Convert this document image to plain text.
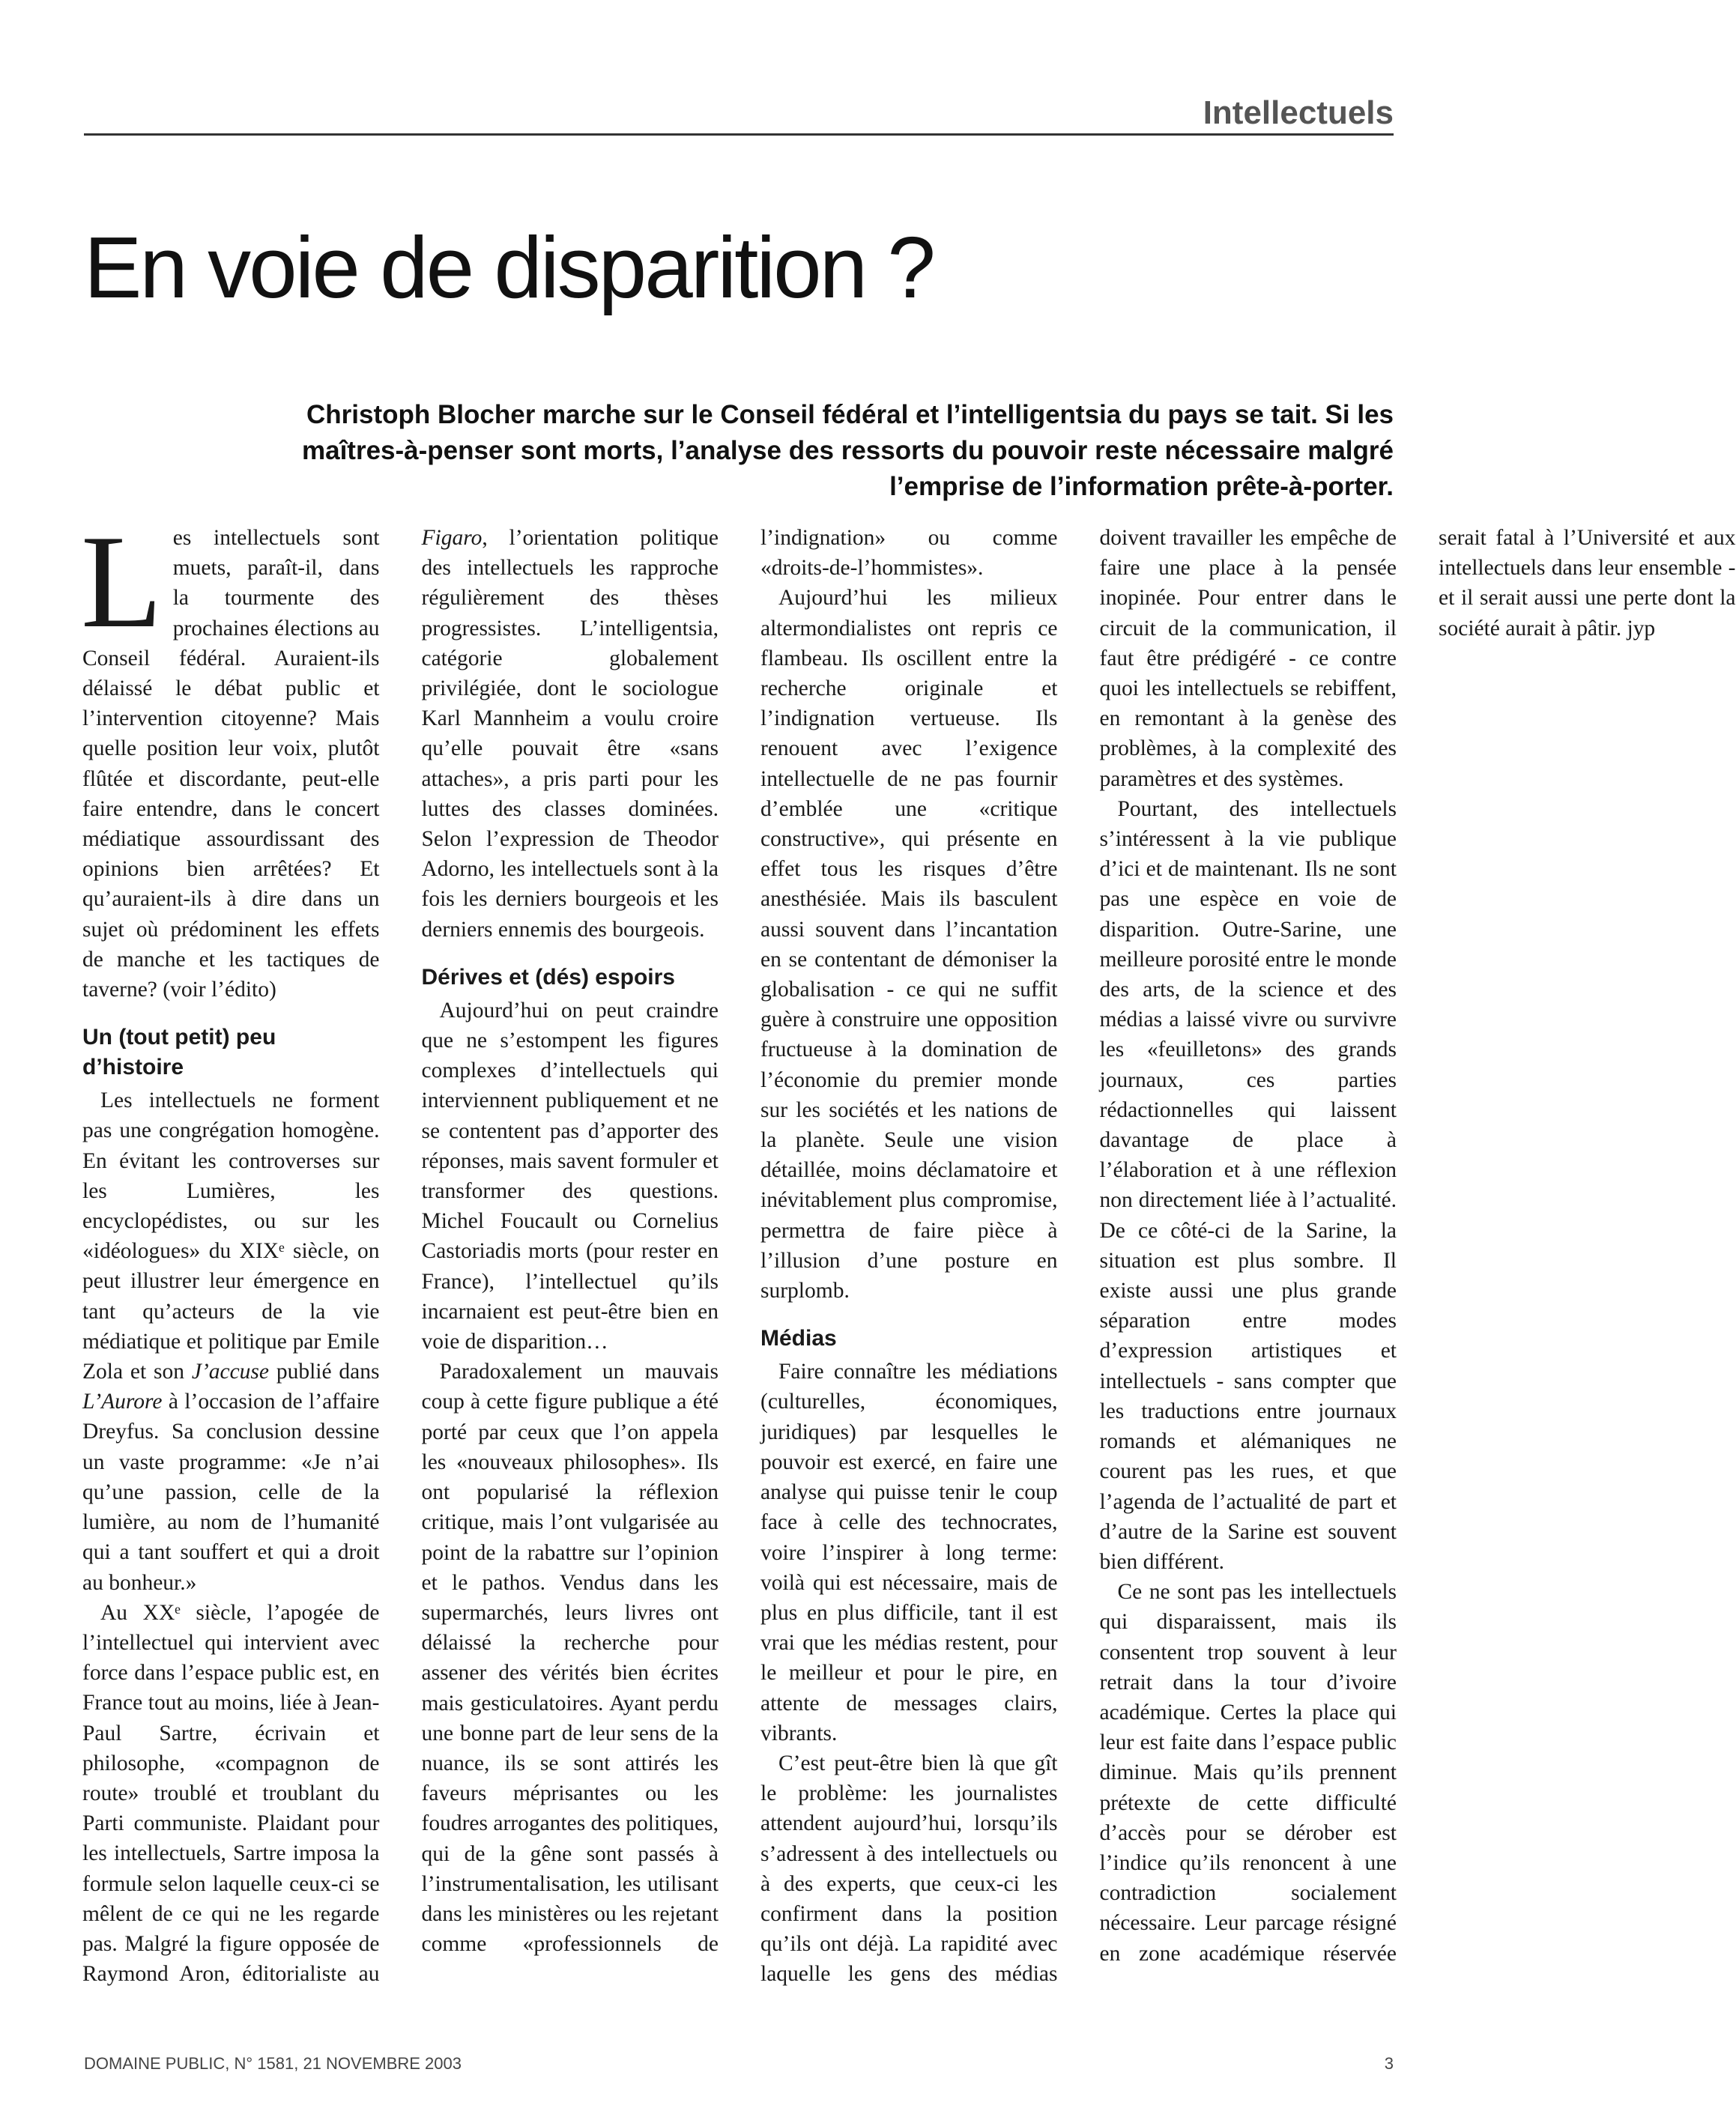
Intellectuels
En voie de disparition ?

Christoph Blocher marche sur le Conseil fédéral et l’intelligentsia du pays se tait. Si les maîtres-à-penser sont morts, l’analyse des ressorts du pouvoir reste nécessaire malgré l’emprise de l’information prête-à-porter.

Les intellectuels sont muets, paraît-il, dans la tourmente des prochaines élections au Conseil fédéral. Auraient-ils délaissé le débat public et l’intervention citoyenne? Mais quelle position leur voix, plutôt flûtée et discordante, peut-elle faire entendre, dans le concert médiatique assourdissant des opinions bien arrêtées? Et qu’auraient-ils à dire dans un sujet où prédominent les effets de manche et les tactiques de taverne? (voir l’édito)

Un (tout petit) peu d’histoire

Les intellectuels ne forment pas une congrégation homogène. En évitant les controverses sur les Lumières, les encyclopédistes, ou sur les «idéologues» du XIXᵉ siècle, on peut illustrer leur émergence en tant qu’acteurs de la vie médiatique et politique par Emile Zola et son J’accuse publié dans L’Aurore à l’occasion de l’affaire Dreyfus. Sa conclusion dessine un vaste programme: «Je n’ai qu’une passion, celle de la lumière, au nom de l’humanité qui a tant souffert et qui a droit au bonheur.»

Au XXᵉ siècle, l’apogée de l’intellectuel qui intervient avec force dans l’espace public est, en France tout au moins, liée à Jean-Paul Sartre, écrivain et philosophe, «compagnon de route» troublé et troublant du Parti communiste. Plaidant pour les intellectuels, Sartre imposa la formule selon laquelle ceux-ci se mêlent de ce qui ne les regarde pas. Malgré la figure opposée de Raymond Aron, éditorialiste au Figaro, l’orientation politique des intellectuels les rapproche régulièrement des thèses progressistes. L’intelligentsia, catégorie globalement privilégiée, dont le sociologue Karl Mannheim a voulu croire qu’elle pouvait être «sans attaches», a pris parti pour les luttes des classes dominées. Selon l’expression de Theodor Adorno, les intellectuels sont à la fois les derniers bourgeois et les derniers ennemis des bourgeois.

Dérives et (dés) espoirs

Aujourd’hui on peut craindre que ne s’estompent les figures complexes d’intellectuels qui interviennent publiquement et ne se contentent pas d’apporter des réponses, mais savent formuler et transformer des questions. Michel Foucault ou Cornelius Castoriadis morts (pour rester en France), l’intellectuel qu’ils incarnaient est peut-être bien en voie de disparition…

Paradoxalement un mauvais coup à cette figure publique a été porté par ceux que l’on appela les «nouveaux philosophes». Ils ont popularisé la réflexion critique, mais l’ont vulgarisée au point de la rabattre sur l’opinion et le pathos. Vendus dans les supermarchés, leurs livres ont délaissé la recherche pour assener des vérités bien écrites mais gesticulatoires. Ayant perdu une bonne part de leur sens de la nuance, ils se sont attirés les faveurs méprisantes ou les foudres arrogantes des politiques, qui de la gêne sont passés à l’instrumentalisation, les utilisant dans les ministères ou les rejetant comme «professionnels de l’indignation» ou comme «droits-de-l’hommistes».

Aujourd’hui les milieux altermondialistes ont repris ce flambeau. Ils oscillent entre la recherche originale et l’indignation vertueuse. Ils renouent avec l’exigence intellectuelle de ne pas fournir d’emblée une «critique constructive», qui présente en effet tous les risques d’être anesthésiée. Mais ils basculent aussi souvent dans l’incantation en se contentant de démoniser la globalisation - ce qui ne suffit guère à construire une opposition fructueuse à la domination de l’économie du premier monde sur les sociétés et les nations de la planète. Seule une vision détaillée, moins déclamatoire et inévitablement plus compromise, permettra de faire pièce à l’illusion d’une posture en surplomb.

Médias

Faire connaître les médiations (culturelles, économiques, juridiques) par lesquelles le pouvoir est exercé, en faire une analyse qui puisse tenir le coup face à celle des technocrates, voire l’inspirer à long terme: voilà qui est nécessaire, mais de plus en plus difficile, tant il est vrai que les médias restent, pour le meilleur et pour le pire, en attente de messages clairs, vibrants.

C’est peut-être bien là que gît le problème: les journalistes attendent aujourd’hui, lorsqu’ils s’adressent à des intellectuels ou à des experts, que ceux-ci les confirment dans la position qu’ils ont déjà. La rapidité avec laquelle les gens des médias doivent travailler les empêche de faire une place à la pensée inopinée. Pour entrer dans le circuit de la communication, il faut être prédigéré - ce contre quoi les intellectuels se rebiffent, en remontant à la genèse des problèmes, à la complexité des paramètres et des systèmes.

Pourtant, des intellectuels s’intéressent à la vie publique d’ici et de maintenant. Ils ne sont pas une espèce en voie de disparition. Outre-Sarine, une meilleure porosité entre le monde des arts, de la science et des médias a laissé vivre ou survivre les «feuilletons» des grands journaux, ces parties rédactionnelles qui laissent davantage de place à l’élaboration et à une réflexion non directement liée à l’actualité. De ce côté-ci de la Sarine, la situation est plus sombre. Il existe aussi une plus grande séparation entre modes d’expression artistiques et intellectuels - sans compter que les traductions entre journaux romands et alémaniques ne courent pas les rues, et que l’agenda de l’actualité de part et d’autre de la Sarine est souvent bien différent.

Ce ne sont pas les intellectuels qui disparaissent, mais ils consentent trop souvent à leur retrait dans la tour d’ivoire académique. Certes la place qui leur est faite dans l’espace public diminue. Mais qu’ils prennent prétexte de cette difficulté d’accès pour se dérober est l’indice qu’ils renoncent à une contradiction socialement nécessaire. Leur parcage résigné en zone académique réservée serait fatal à l’Université et aux intellectuels dans leur ensemble - et il serait aussi une perte dont la société aurait à pâtir. jyp

DOMAINE PUBLIC, N° 1581, 21 NOVEMBRE 2003	3
